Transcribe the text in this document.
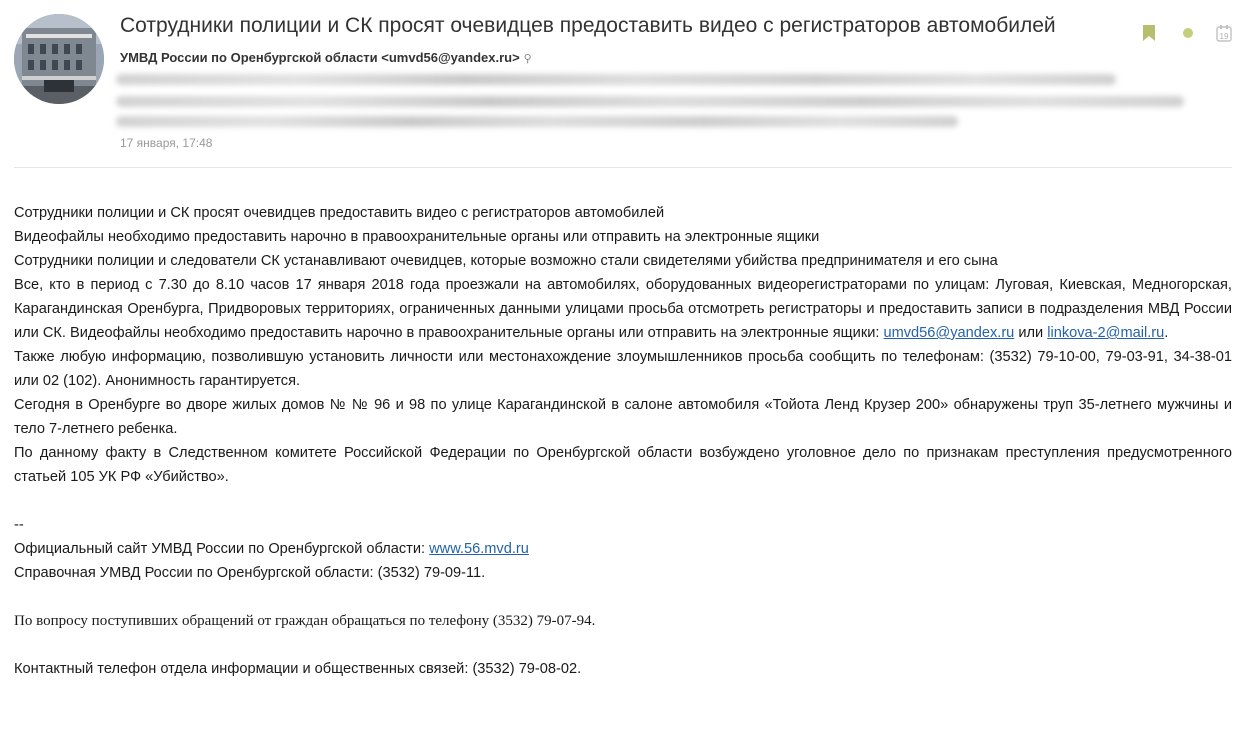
Сотрудники полиции и СК просят очевидцев предоставить видео с регистраторов автомобилей
УМВД России по Оренбургской области <umvd56@yandex.ru> ⚲
17 января, 17:48
19

Сотрудники полиции и СК просят очевидцев предоставить видео с регистраторов автомобилей

Видеофайлы необходимо предоставить нарочно в правоохранительные органы или отправить на электронные ящики

Сотрудники полиции и следователи СК устанавливают очевидцев, которые возможно стали свидетелями убийства предпринимателя и его сына

Все, кто в период с 7.30 до 8.10 часов 17 января 2018 года проезжали на автомобилях, оборудованных видеорегистраторами по улицам: Луговая, Киевская, Медногорская, Карагандинская Оренбурга, Придворовых территориях, ограниченных данными улицами просьба отсмотреть регистраторы и предоставить записи в подразделения МВД России или СК. Видеофайлы необходимо предоставить нарочно в правоохранительные органы или отправить на электронные ящики: umvd56@yandex.ru или linkova-2@mail.ru.

Также любую информацию, позволившую установить личности или местонахождение злоумышленников просьба сообщить по телефонам: (3532) 79-10-00, 79-03-91, 34-38-01 или 02 (102). Анонимность гарантируется.

Сегодня в Оренбурге во дворе жилых домов № № 96 и 98 по улице Карагандинской в салоне автомобиля «Тойота Ленд Крузер 200» обнаружены труп 35-летнего мужчины и тело 7-летнего ребенка.

По данному факту в Следственном комитете Российской Федерации по Оренбургской области возбуждено уголовное дело по признакам преступления предусмотренного статьей 105 УК РФ «Убийство».

--

Официальный сайт УМВД России по Оренбургской области: www.56.mvd.ru

Справочная УМВД России по Оренбургской области: (3532) 79-09-11.

По вопросу поступивших обращений от граждан обращаться по телефону (3532) 79-07-94.

Контактный телефон отдела информации и общественных связей: (3532) 79-08-02.
